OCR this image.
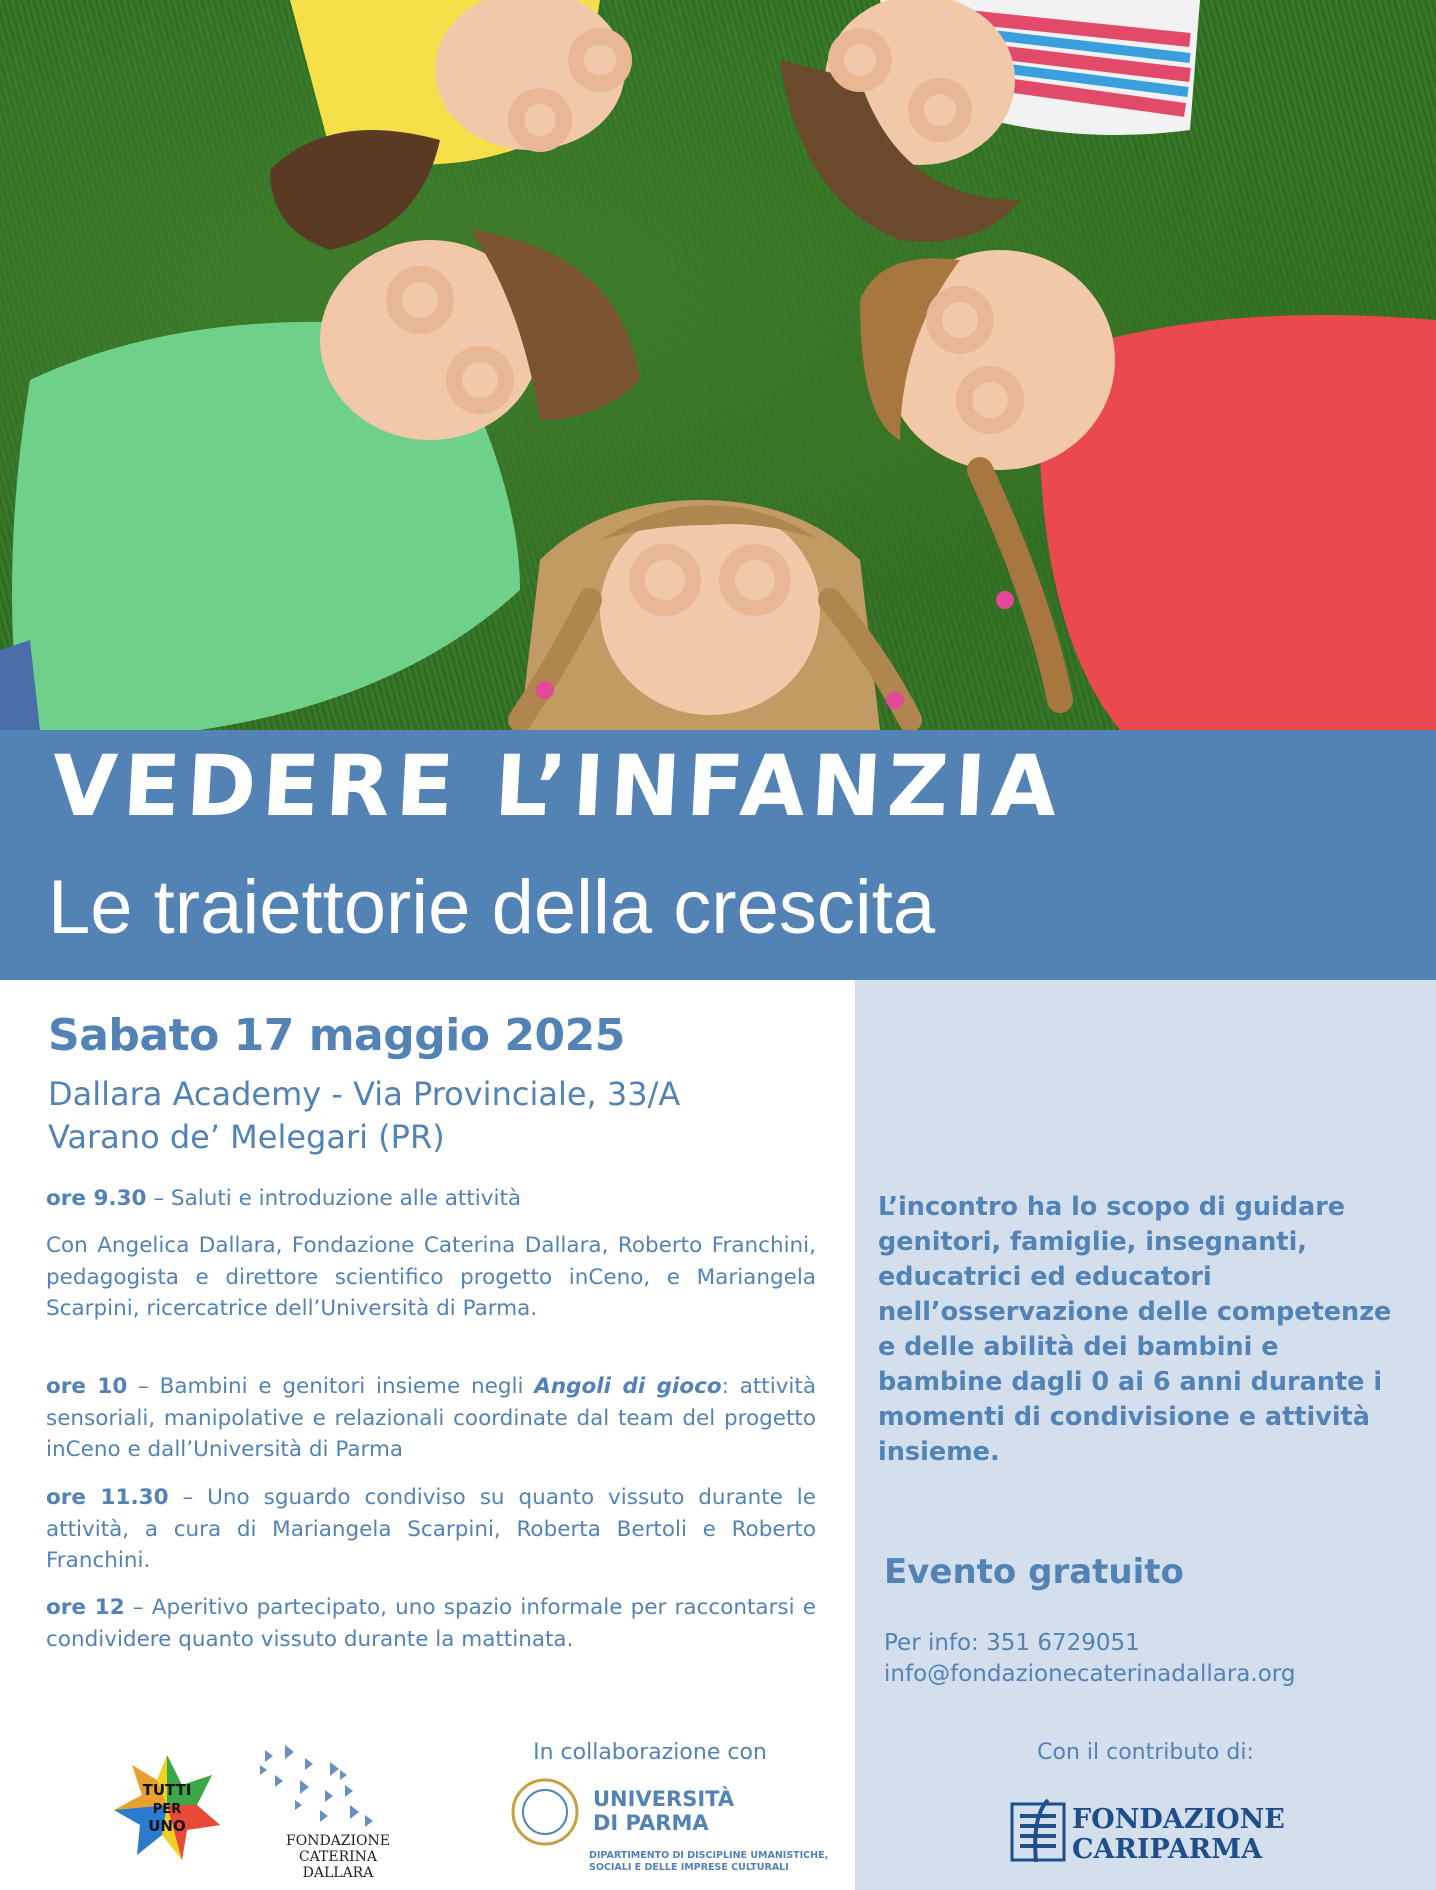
VEDERE L’INFANZIA
Le traiettorie della crescita
Sabato 17 maggio 2025

Dallara Academy - Via Provinciale, 33/A

Varano de’ Melegari (PR)

ore 9.30 – Saluti e introduzione alle attività

Con Angelica Dallara, Fondazione Caterina Dallara, Roberto Franchini, pedagogista e direttore scientifico progetto inCeno, e Mariangela Scarpini, ricercatrice dell’Università di Parma.

ore 10 – Bambini e genitori insieme negli Angoli di gioco: attività sensoriali, manipolative e relazionali coordinate dal team del progetto inCeno e dall’Università di Parma

ore 11.30 – Uno sguardo condiviso su quanto vissuto durante le attività, a cura di Mariangela Scarpini, Roberta Bertoli e Roberto Franchini.

ore 12 – Aperitivo partecipato, uno spazio informale per raccontarsi e condividere quanto vissuto durante la mattinata.

L’incontro ha lo scopo di guidare genitori, famiglie, insegnanti, educatrici ed educatori nell’osservazione delle competenze e delle abilità dei bambini e bambine dagli 0 ai 6 anni durante i momenti di condivisione e attività insieme.

Evento gratuito

Per info: 351 6729051

info@fondazionecaterinadallara.org

Con il contributo di:
In collaborazione con
TUTTI
PER
UNO
FONDAZIONE
CATERINA
DALLARA
UNIVERSITÀ
DI PARMA
DIPARTIMENTO DI DISCIPLINE UMANISTICHE,
SOCIALI E DELLE IMPRESE CULTURALI
FONDAZIONE
CARIPARMA
